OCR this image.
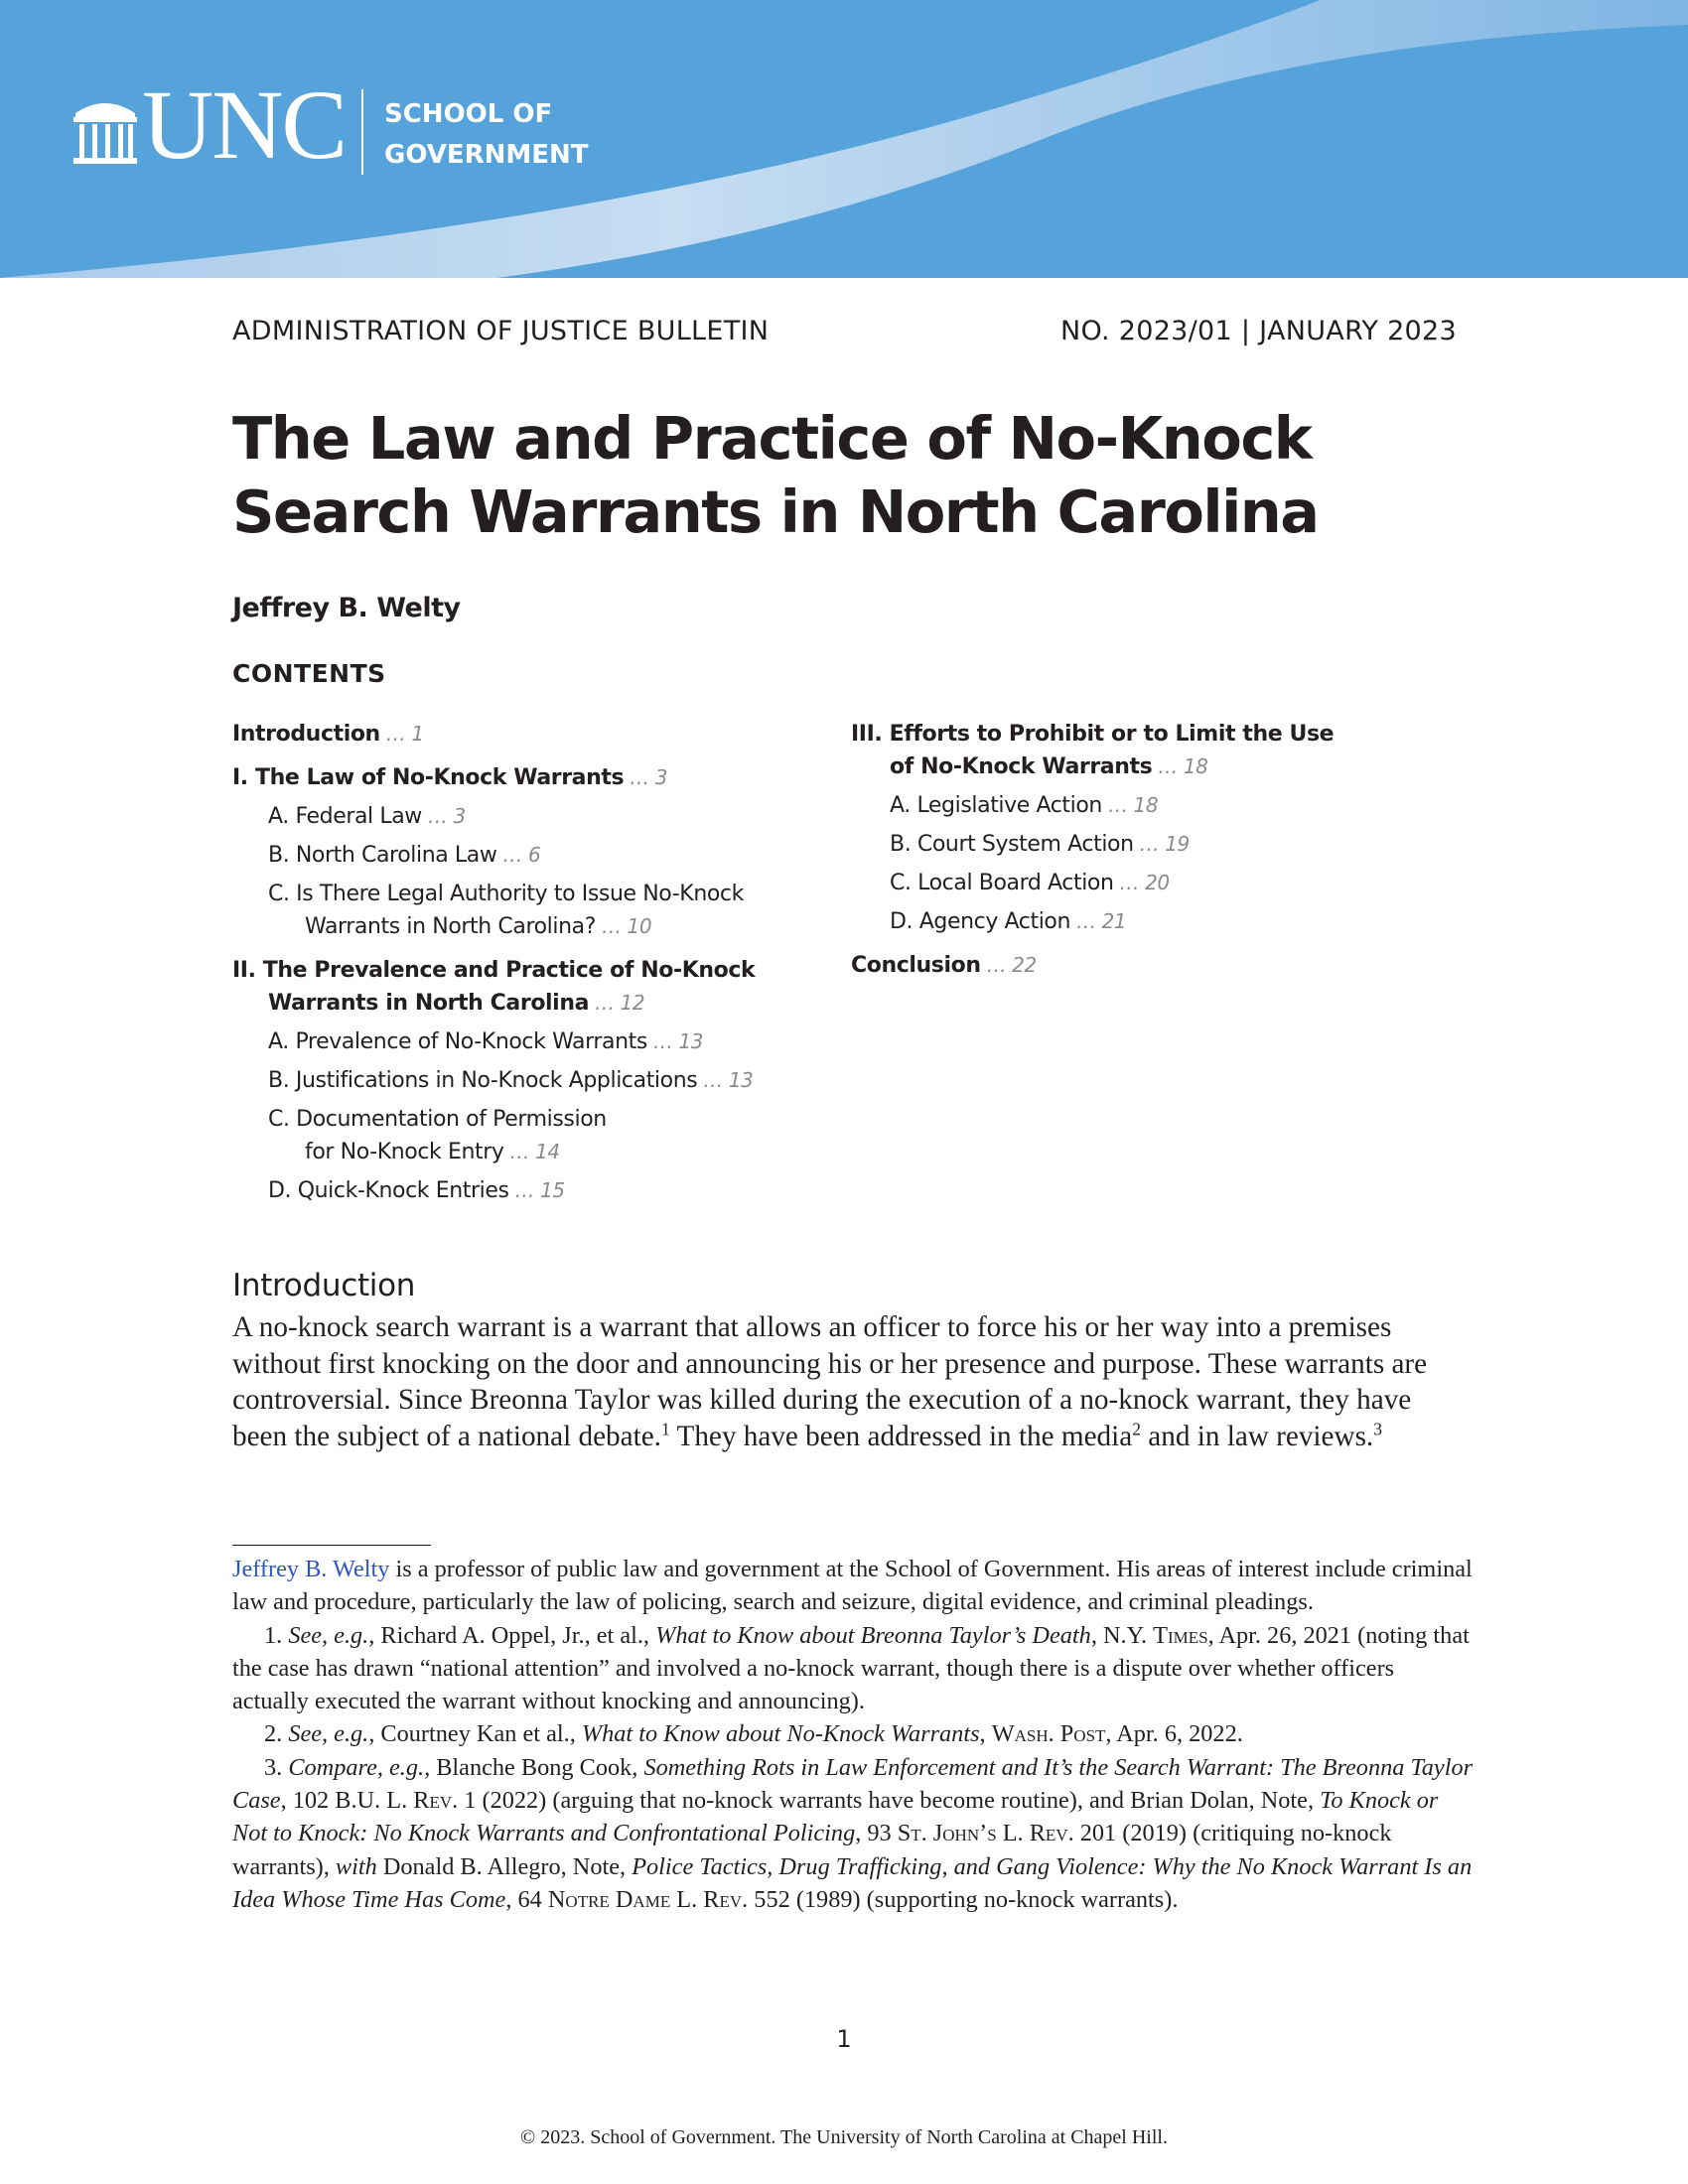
UNC SCHOOL OF
GOVERNMENT
ADMINISTRATION OF JUSTICE BULLETIN	NO. 2023/01 | JANUARY 2023
The Law and Practice of No-Knock
Search Warrants in North Carolina
Jeffrey B. Welty
CONTENTS
Introduction … 1
I. The Law of No-Knock Warrants … 3
A. Federal Law … 3
B. North Carolina Law … 6
C. Is There Legal Authority to Issue No-Knock
Warrants in North Carolina? … 10
II. The Prevalence and Practice of No-Knock
Warrants in North Carolina … 12
A. Prevalence of No-Knock Warrants … 13
B. Justifications in No-Knock Applications … 13
C. Documentation of Permission
for No-Knock Entry … 14
D. Quick-Knock Entries … 15
III. Efforts to Prohibit or to Limit the Use
of No-Knock Warrants … 18
A. Legislative Action … 18
B. Court System Action … 19
C. Local Board Action … 20
D. Agency Action … 21
Conclusion … 22
Introduction
A no-knock search warrant is a warrant that allows an officer to force his or her way into a premises without first knocking on the door and announcing his or her presence and purpose. These warrants are controversial. Since Breonna Taylor was killed during the execution of a no-knock warrant, they have been the subject of a national debate.$^1$ They have been addressed in the media$^2$ and in law reviews.$^3$

Jeffrey B. Welty is a professor of public law and government at the School of Government. His areas of interest include criminal law and procedure, particularly the law of policing, search and seizure, digital evidence, and criminal pleadings.

1. See, e.g., Richard A. Oppel, Jr., et al., What to Know about Breonna Taylor’s Death, N.Y. Times, Apr. 26, 2021 (noting that the case has drawn “national attention” and involved a no-knock warrant, though there is a dispute over whether officers actually executed the warrant without knocking and announcing).

2. See, e.g., Courtney Kan et al., What to Know about No-Knock Warrants, Wash. Post, Apr. 6, 2022.

3. Compare, e.g., Blanche Bong Cook, Something Rots in Law Enforcement and It’s the Search Warrant: The Breonna Taylor Case, 102 B.U. L. Rev. 1 (2022) (arguing that no-knock warrants have become routine), and Brian Dolan, Note, To Knock or Not to Knock: No Knock Warrants and Confrontational Policing, 93 St. John’s L. Rev. 201 (2019) (critiquing no-knock warrants), with Donald B. Allegro, Note, Police Tactics, Drug Trafficking, and Gang Violence: Why the No Knock Warrant Is an Idea Whose Time Has Come, 64 Notre Dame L. Rev. 552 (1989) (supporting no-knock warrants).

1
© 2023. School of Government. The University of North Carolina at Chapel Hill.
